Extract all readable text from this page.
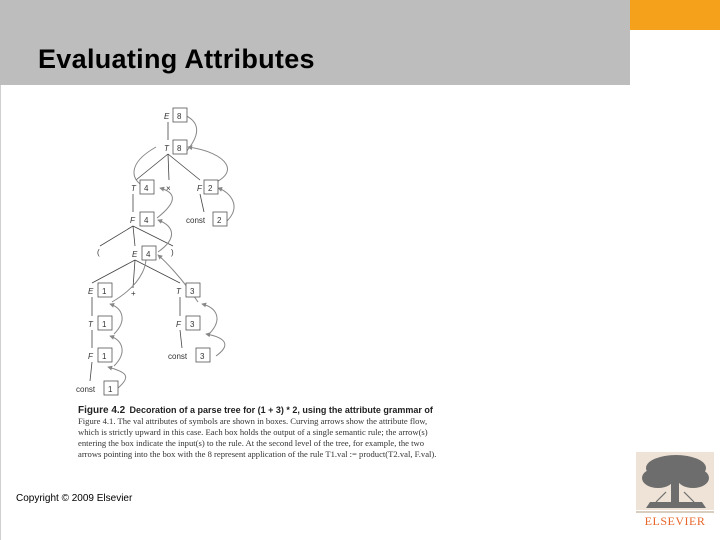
Evaluating Attributes
E 8
T 8
T 4 ×	F 2
F 4	const 2
(	E 4	)
E 1	+	T 3
T 1	F 3
F 1	const 3
const 1
Figure 4.2 Decoration of a parse tree for (1 + 3) * 2, using the attribute grammar of Figure 4.1. The val attributes of symbols are shown in boxes. Curving arrows show the attribute flow, which is strictly upward in this case. Each box holds the output of a single semantic rule; the arrow(s) entering the box indicate the input(s) to the rule. At the second level of the tree, for example, the two arrows pointing into the box with the 8 represent application of the rule T1.val := product(T2.val, F.val).
Copyright © 2009 Elsevier
ELSEVIER
